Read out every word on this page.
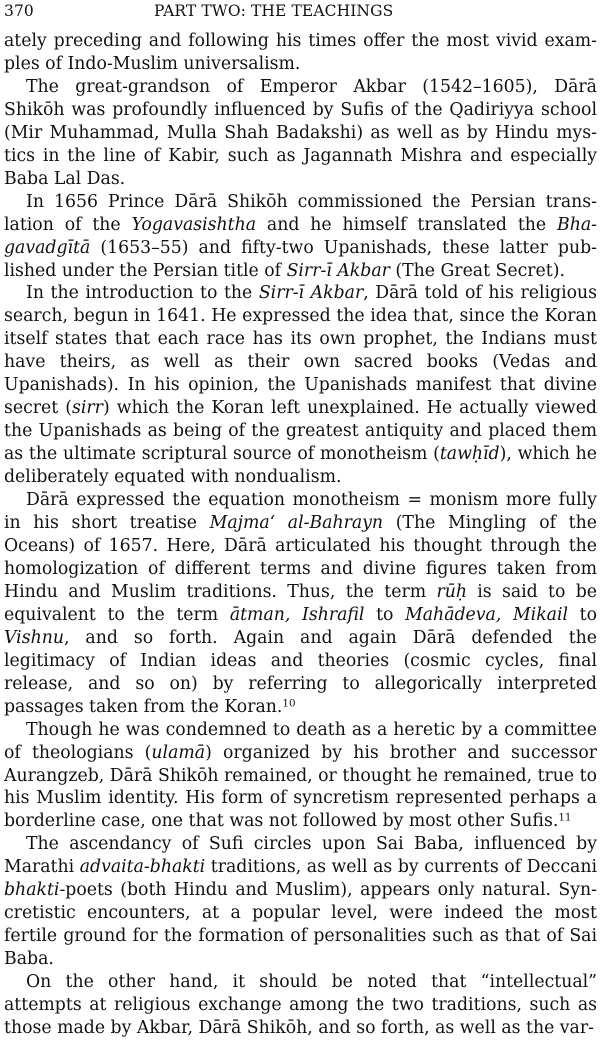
370	PART TWO: THE TEACHINGS

ately preceding and following his times offer the most vivid examples of Indo-Muslim universalism.

The great-grandson of Emperor Akbar (1542–1605), Dārā Shikōh was profoundly influenced by Sufis of the Qadiriyya school (Mir Muhammad, Mulla Shah Badakshi) as well as by Hindu mystics in the line of Kabir, such as Jagannath Mishra and especially Baba Lal Das.

In 1656 Prince Dārā Shikōh commissioned the Persian translation of the Yogavasishtha and he himself translated the Bhagavadgītā (1653–55) and fifty-two Upanishads, these latter published under the Persian title of Sirr-ī Akbar (The Great Secret).

In the introduction to the Sirr-ī Akbar, Dārā told of his religious search, begun in 1641. He expressed the idea that, since the Koran itself states that each race has its own prophet, the Indians must have theirs, as well as their own sacred books (Vedas and Upanishads). In his opinion, the Upanishads manifest that divine secret (sirr) which the Koran left unexplained. He actually viewed the Upanishads as being of the greatest antiquity and placed them as the ultimate scriptural source of monotheism (tawḥīd), which he deliberately equated with nondualism.

Dārā expressed the equation monotheism = monism more fully in his short treatise Majma‘ al-Bahrayn (The Mingling of the Oceans) of 1657. Here, Dārā articulated his thought through the homologization of different terms and divine figures taken from Hindu and Muslim traditions. Thus, the term rūḥ is said to be equivalent to the term ātman, Ishrafil to Mahādeva, Mikail to Vishnu, and so forth. Again and again Dārā defended the legitimacy of Indian ideas and theories (cosmic cycles, final release, and so on) by referring to allegorically interpreted passages taken from the Koran.$^{10}$

Though he was condemned to death as a heretic by a committee of theologians (ulamā) organized by his brother and successor Aurangzeb, Dārā Shikōh remained, or thought he remained, true to his Muslim identity. His form of syncretism represented perhaps a borderline case, one that was not followed by most other Sufis.$^{11}$

The ascendancy of Sufi circles upon Sai Baba, influenced by Marathi advaita-bhakti traditions, as well as by currents of Deccani bhakti-poets (both Hindu and Muslim), appears only natural. Syncretistic encounters, at a popular level, were indeed the most fertile ground for the formation of personalities such as that of Sai Baba.

On the other hand, it should be noted that “intellectual” attempts at religious exchange among the two traditions, such as those made by Akbar, Dārā Shikōh, and so forth, as well as the var-
